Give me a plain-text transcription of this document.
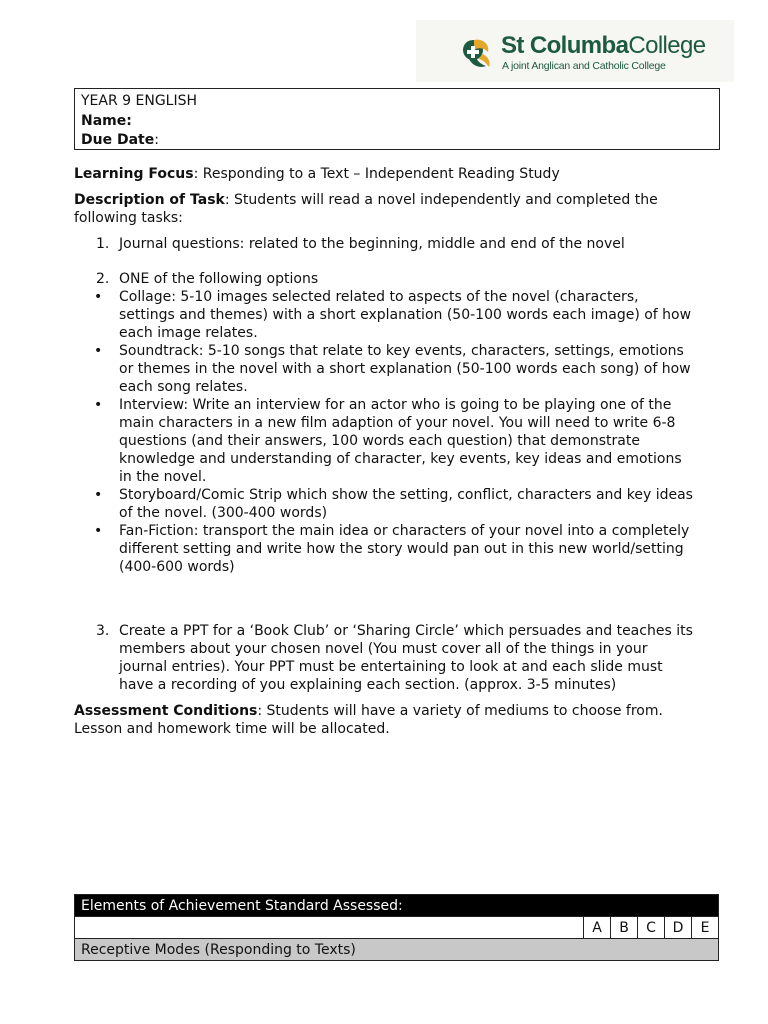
St ColumbaCollege
A joint Anglican and Catholic College
YEAR 9 ENGLISH
Name:
Due Date:

Learning Focus: Responding to a Text – Independent Reading Study

Description of Task: Students will read a novel independently and completed the following tasks:

1. Journal questions: related to the beginning, middle and end of the novel
2. ONE of the following options
• Collage: 5-10 images selected related to aspects of the novel (characters, settings and themes) with a short explanation (50-100 words each image) of how each image relates.
• Soundtrack: 5-10 songs that relate to key events, characters, settings, emotions or themes in the novel with a short explanation (50-100 words each song) of how each song relates.
• Interview: Write an interview for an actor who is going to be playing one of the main characters in a new film adaption of your novel. You will need to write 6-8 questions (and their answers, 100 words each question) that demonstrate knowledge and understanding of character, key events, key ideas and emotions in the novel.
• Storyboard/Comic Strip which show the setting, conflict, characters and key ideas of the novel. (300-400 words)
• Fan-Fiction: transport the main idea or characters of your novel into a completely different setting and write how the story would pan out in this new world/setting (400-600 words)
3. Create a PPT for a ‘Book Club’ or ‘Sharing Circle’ which persuades and teaches its members about your chosen novel (You must cover all of the things in your journal entries). Your PPT must be entertaining to look at and each slide must have a recording of you explaining each section. (approx. 3-5 minutes)

Assessment Conditions: Students will have a variety of mediums to choose from. Lesson and homework time will be allocated.

Elements of Achievement Standard Assessed:
	A	B	C	D	E
Receptive Modes (Responding to Texts)
